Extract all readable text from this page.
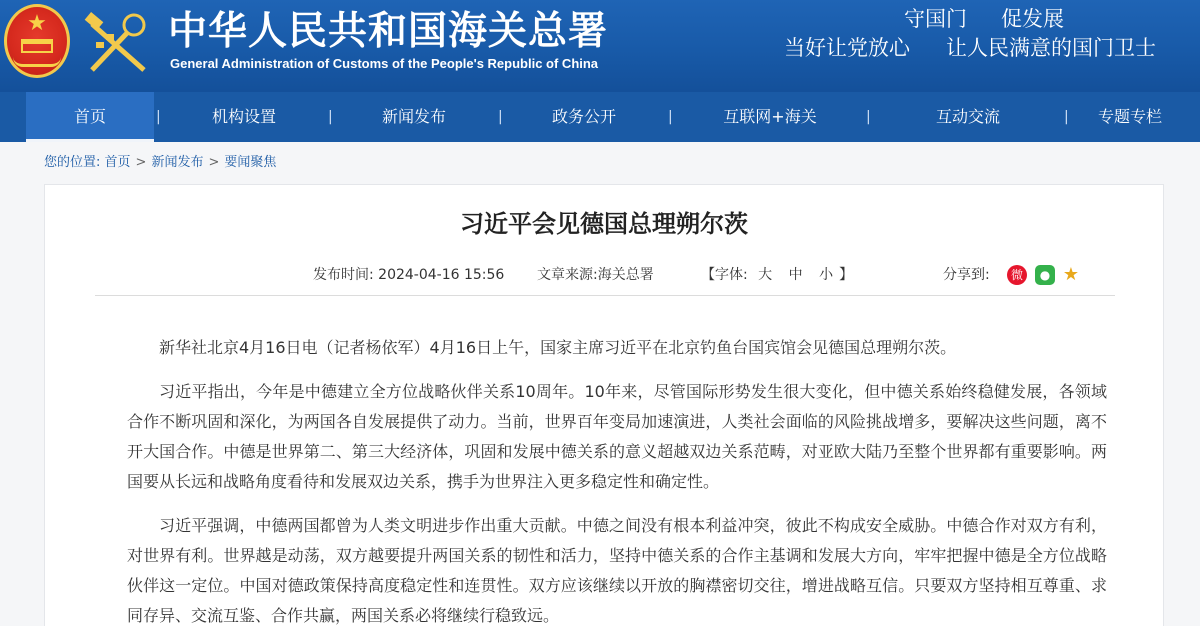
★	中华人民共和国海关总署
General Administration of Customs of the People's Republic of China
守国门 促发展
当好让党放心 让人民满意的国门卫士
首页	|	机构设置	|	新闻发布	|	政务公开	|	互联网+海关	|	互动交流	|	专题专栏
您的位置: 首页 > 新闻发布 > 要闻聚焦
习近平会见德国总理朔尔茨
发布时间: 2024-04-16 15:56 文章来源:海关总署	【字体: 大 中 小 】	分享到:	微	● ★

新华社北京4月16日电（记者杨依军）4月16日上午，国家主席习近平在北京钓鱼台国宾馆会见德国总理朔尔茨。

习近平指出，今年是中德建立全方位战略伙伴关系10周年。10年来，尽管国际形势发生很大变化，但中德关系始终稳健发展，各领域合作不断巩固和深化，为两国各自发展提供了动力。当前，世界百年变局加速演进，人类社会面临的风险挑战增多，要解决这些问题，离不开大国合作。中德是世界第二、第三大经济体，巩固和发展中德关系的意义超越双边关系范畴，对亚欧大陆乃至整个世界都有重要影响。两国要从长远和战略角度看待和发展双边关系，携手为世界注入更多稳定性和确定性。

习近平强调，中德两国都曾为人类文明进步作出重大贡献。中德之间没有根本利益冲突，彼此不构成安全威胁。中德合作对双方有利，对世界有利。世界越是动荡，双方越要提升两国关系的韧性和活力，坚持中德关系的合作主基调和发展大方向，牢牢把握中德是全方位战略伙伴这一定位。中国对德政策保持高度稳定性和连贯性。双方应该继续以开放的胸襟密切交往，增进战略互信。只要双方坚持相互尊重、求同存异、交流互鉴、合作共赢，两国关系必将继续行稳致远。
